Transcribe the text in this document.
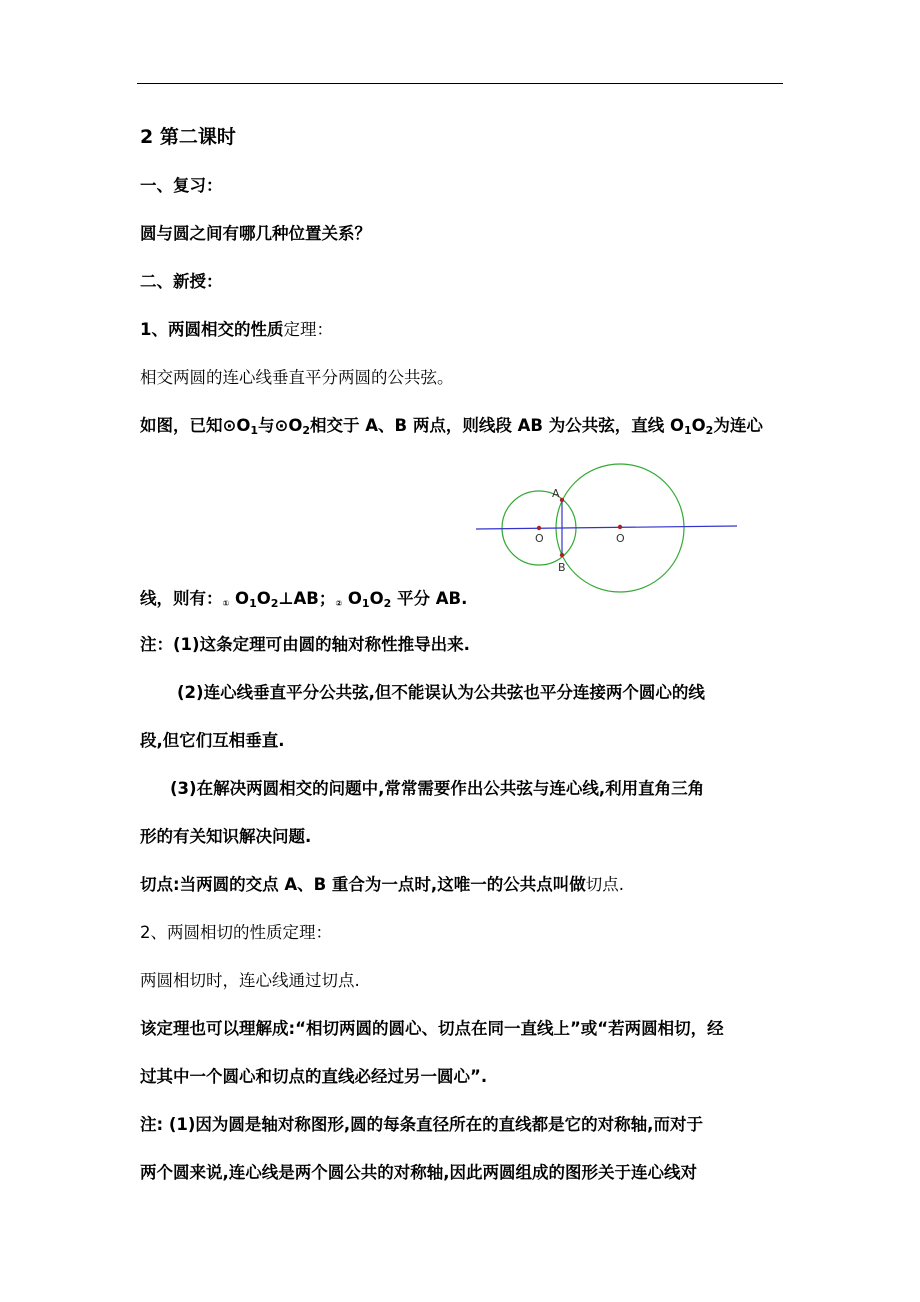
2 第二课时
一、复习：
圆与圆之间有哪几种位置关系？
二、新授：
1、两圆相交的性质定理：
相交两圆的连心线垂直平分两圆的公共弦。
如图，已知$⊙O_1$与$⊙O_2$相交于 A、B 两点，则线段 AB 为公共弦，直线 $O_1O_2$为连心
A
B
O	O
线，则有：① $O_1O_2\perp AB$；② $O_1O_2$ 平分 AB.
注：(1)这条定理可由圆的轴对称性推导出来.
(2)连心线垂直平分公共弦,但不能误认为公共弦也平分连接两个圆心的线
段,但它们互相垂直.
(3)在解决两圆相交的问题中,常常需要作出公共弦与连心线,利用直角三角
形的有关知识解决问题.
切点:当两圆的交点 A、B 重合为一点时,这唯一的公共点叫做切点.
2、两圆相切的性质定理：
两圆相切时，连心线通过切点.
该定理也可以理解成:“相切两圆的圆心、切点在同一直线上”或“若两圆相切，经
过其中一个圆心和切点的直线必经过另一圆心”.
注: (1)因为圆是轴对称图形,圆的每条直径所在的直线都是它的对称轴,而对于
两个圆来说,连心线是两个圆公共的对称轴,因此两圆组成的图形关于连心线对
